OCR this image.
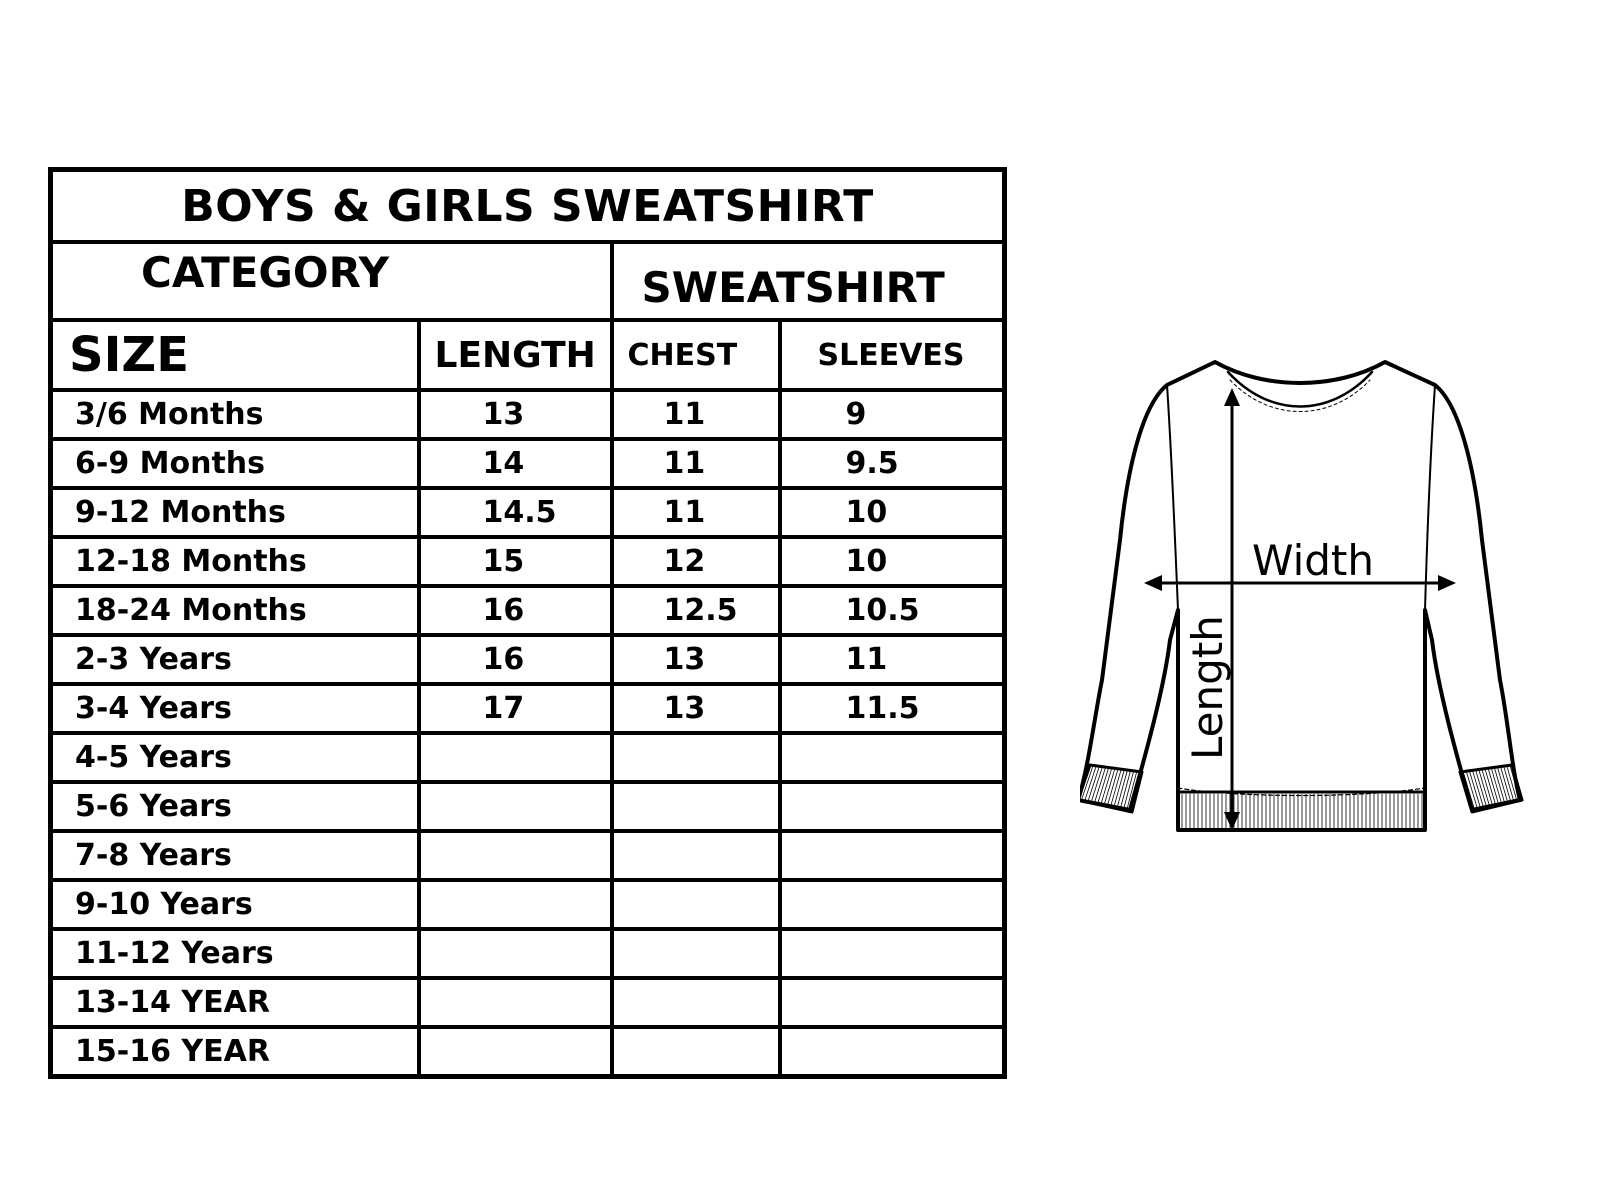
BOYS & GIRLS SWEATSHIRT			
CATEGORY		SWEATSHIRT	
SIZE	LENGTH	CHEST	SLEEVES
3/6 Months	13	11	9
6-9 Months	14	11	9.5
9-12 Months	14.5	11	10
12-18 Months	15	12	10
18-24 Months	16	12.5	10.5
2-3 Years	16	13	11
3-4 Years	17	13	11.5
4-5 Years			
5-6 Years			
7-8 Years			
9-10 Years			
11-12 Years			
13-14 YEAR			
15-16 YEAR			
Width
Length
